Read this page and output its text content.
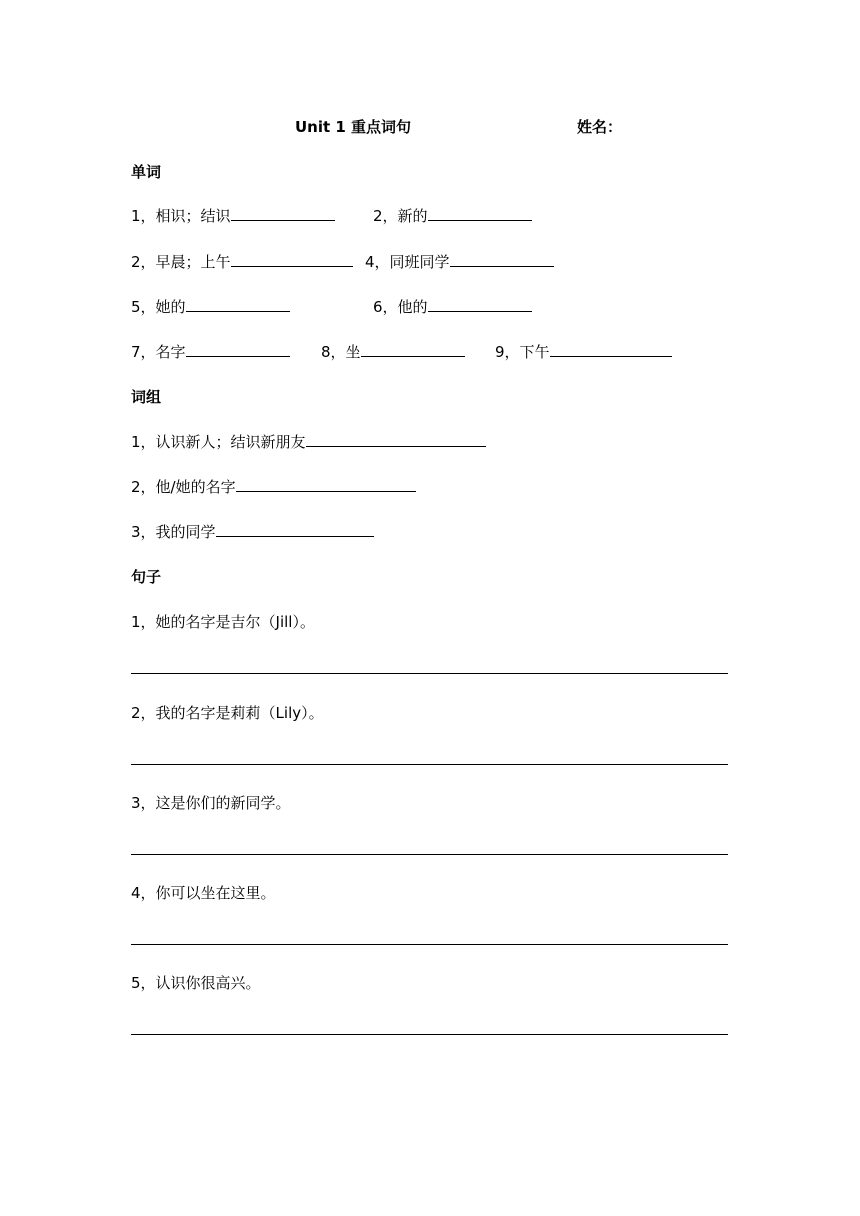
Unit 1 重点词句	姓名：
单词
1，相识；结识	2，新的
2，早晨；上午	4，同班同学
5，她的	6，他的
7，名字	8，坐	9，下午
词组
1，认识新人；结识新朋友
2，他/她的名字
3，我的同学
句子
1，她的名字是吉尔（Jill）。
2，我的名字是莉莉（Lily）。
3，这是你们的新同学。
4，你可以坐在这里。
5，认识你很高兴。
